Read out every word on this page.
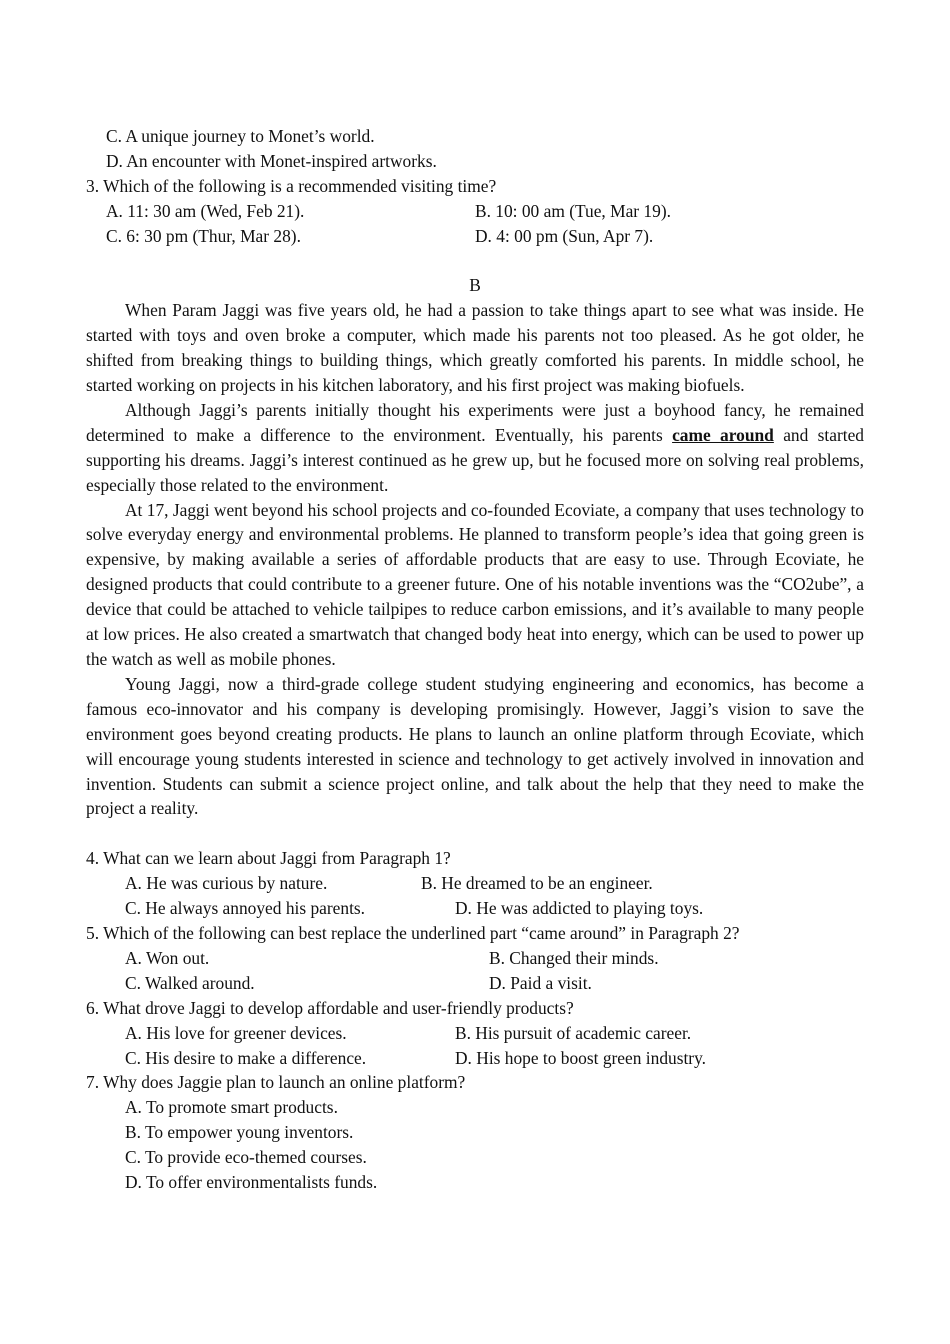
C. A unique journey to Monet’s world.
D. An encounter with Monet-inspired artworks.
3. Which of the following is a recommended visiting time?
A. 11: 30 am (Wed, Feb 21).	B. 10: 00 am (Tue, Mar 19).
C. 6: 30 pm (Thur, Mar 28).	D. 4: 00 pm (Sun, Apr 7).
B

When Param Jaggi was five years old, he had a passion to take things apart to see what was inside. He started with toys and oven broke a computer, which made his parents not too pleased. As he got older, he shifted from breaking things to building things, which greatly comforted his parents. In middle school, he started working on projects in his kitchen laboratory, and his first project was making biofuels.

Although Jaggi’s parents initially thought his experiments were just a boyhood fancy, he remained determined to make a difference to the environment. Eventually, his parents came around and started supporting his dreams. Jaggi’s interest continued as he grew up, but he focused more on solving real problems, especially those related to the environment.

At 17, Jaggi went beyond his school projects and co-founded Ecoviate, a company that uses technology to solve everyday energy and environmental problems. He planned to transform people’s idea that going green is expensive, by making available a series of affordable products that are easy to use. Through Ecoviate, he designed products that could contribute to a greener future. One of his notable inventions was the “CO2ube”, a device that could be attached to vehicle tailpipes to reduce carbon emissions, and it’s available to many people at low prices. He also created a smartwatch that changed body heat into energy, which can be used to power up the watch as well as mobile phones.

Young Jaggi, now a third-grade college student studying engineering and economics, has become a famous eco-innovator and his company is developing promisingly. However, Jaggi’s vision to save the environment goes beyond creating products. He plans to launch an online platform through Ecoviate, which will encourage young students interested in science and technology to get actively involved in innovation and invention. Students can submit a science project online, and talk about the help that they need to make the project a reality.

4. What can we learn about Jaggi from Paragraph 1?
A. He was curious by nature.	B. He dreamed to be an engineer.
C. He always annoyed his parents.	D. He was addicted to playing toys.
5. Which of the following can best replace the underlined part “came around” in Paragraph 2?
A. Won out.	B. Changed their minds.
C. Walked around.	D. Paid a visit.
6. What drove Jaggi to develop affordable and user-friendly products?
A. His love for greener devices.	B. His pursuit of academic career.
C. His desire to make a difference.	D. His hope to boost green industry.
7. Why does Jaggie plan to launch an online platform?
A. To promote smart products.
B. To empower young inventors.
C. To provide eco-themed courses.
D. To offer environmentalists funds.
